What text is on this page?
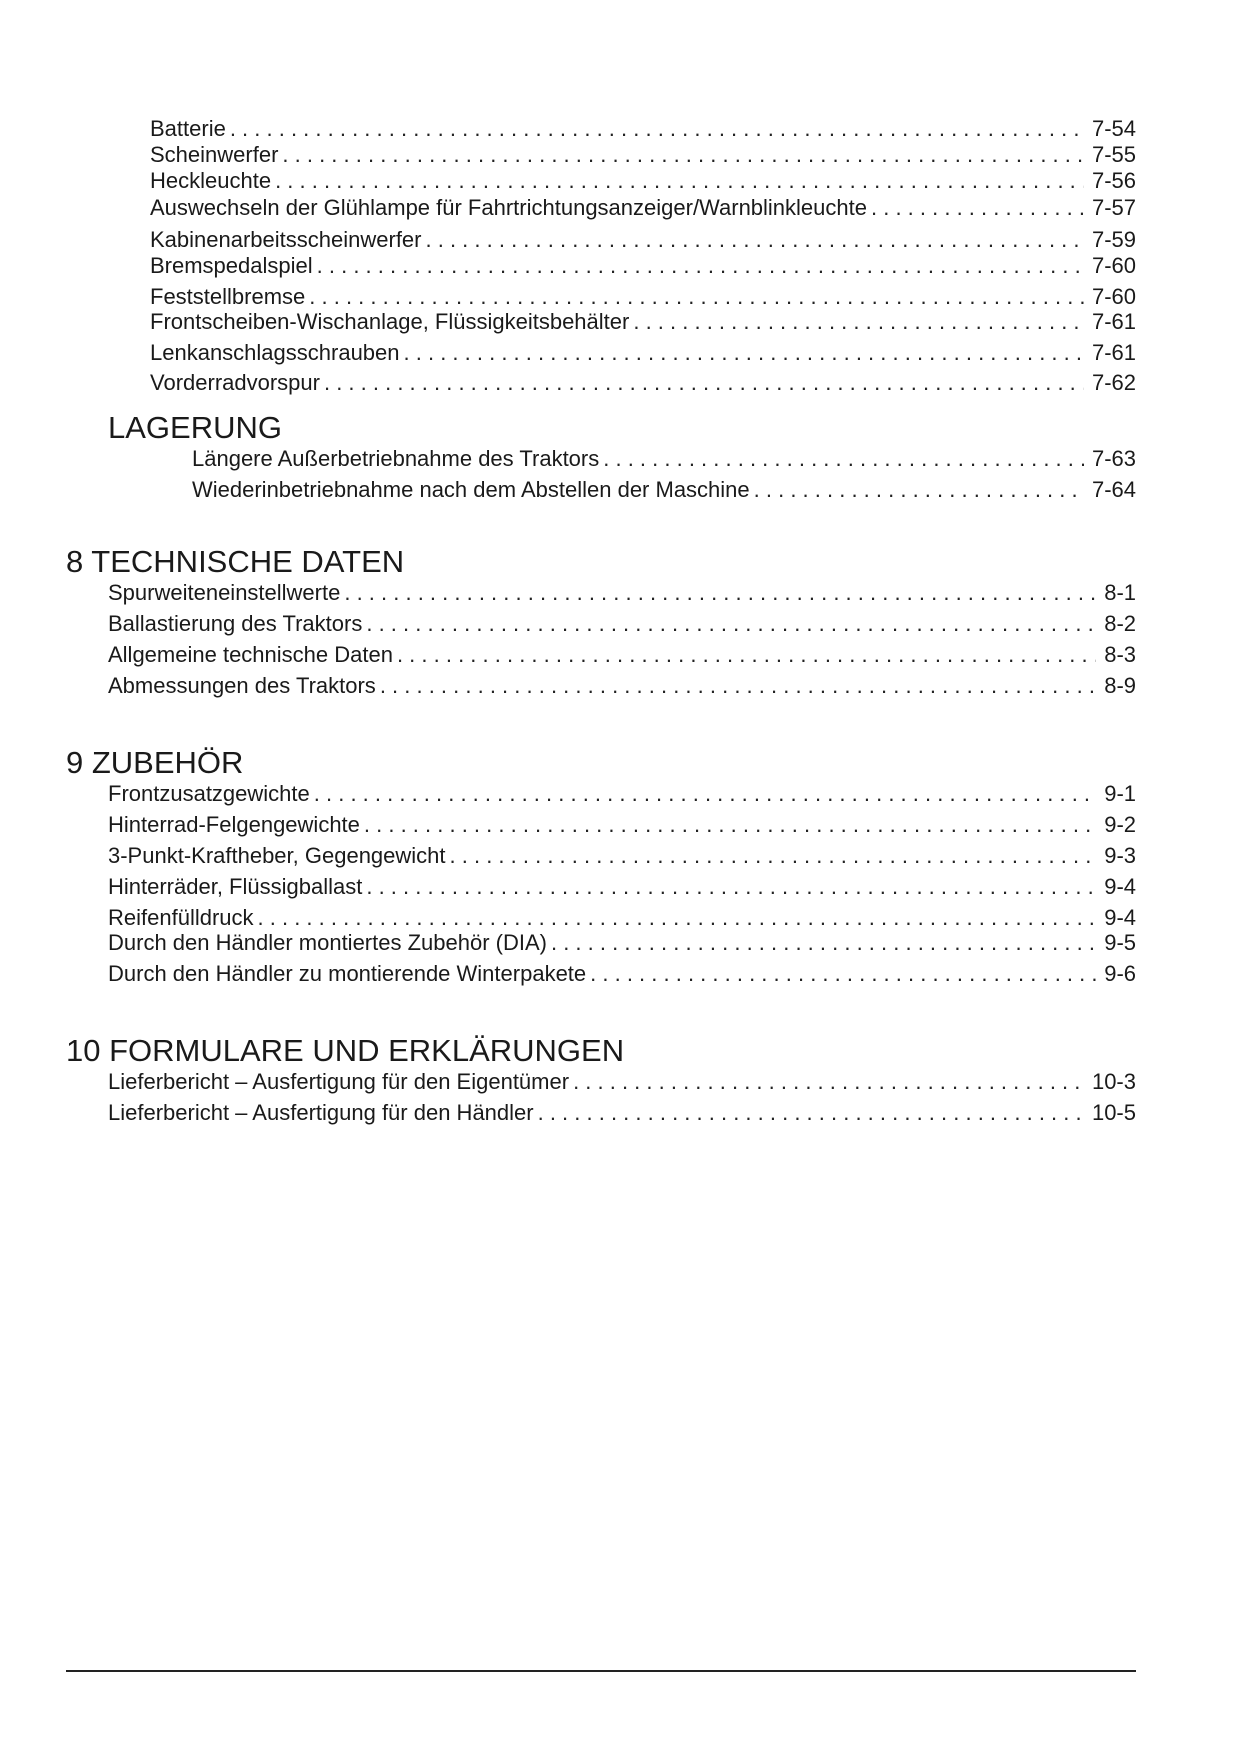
Batterie . . .	7-54
Scheinwerfer . . .	7-55
Heckleuchte . . .	7-56
Auswechseln der Glühlampe für Fahrtrichtungsanzeiger/Warnblinkleuchte . . .	7-57
Kabinenarbeitsscheinwerfer . . .	7-59
Bremspedalspiel . . .	7-60
Feststellbremse . . .	7-60
Frontscheiben-Wischanlage, Flüssigkeitsbehälter . . .	7-61
Lenkanschlagsschrauben . . .	7-61
Vorderradvorspur . . .	7-62
LAGERUNG
Längere Außerbetriebnahme des Traktors . . .	7-63
Wiederinbetriebnahme nach dem Abstellen der Maschine . . .	7-64
8 TECHNISCHE DATEN
Spurweiteneinstellwerte . . .	8-1
Ballastierung des Traktors . . .	8-2
Allgemeine technische Daten . . .	8-3
Abmessungen des Traktors . . .	8-9
9 ZUBEHÖR
Frontzusatzgewichte . . .	9-1
Hinterrad-Felgengewichte . . .	9-2
3-Punkt-Kraftheber, Gegengewicht . . .	9-3
Hinterräder, Flüssigballast . . .	9-4
Reifenfülldruck . . .	9-4
Durch den Händler montiertes Zubehör (DIA) . . .	9-5
Durch den Händler zu montierende Winterpakete . . .	9-6
10 FORMULARE UND ERKLÄRUNGEN
Lieferbericht – Ausfertigung für den Eigentümer . . .	10-3
Lieferbericht – Ausfertigung für den Händler . . .	10-5
